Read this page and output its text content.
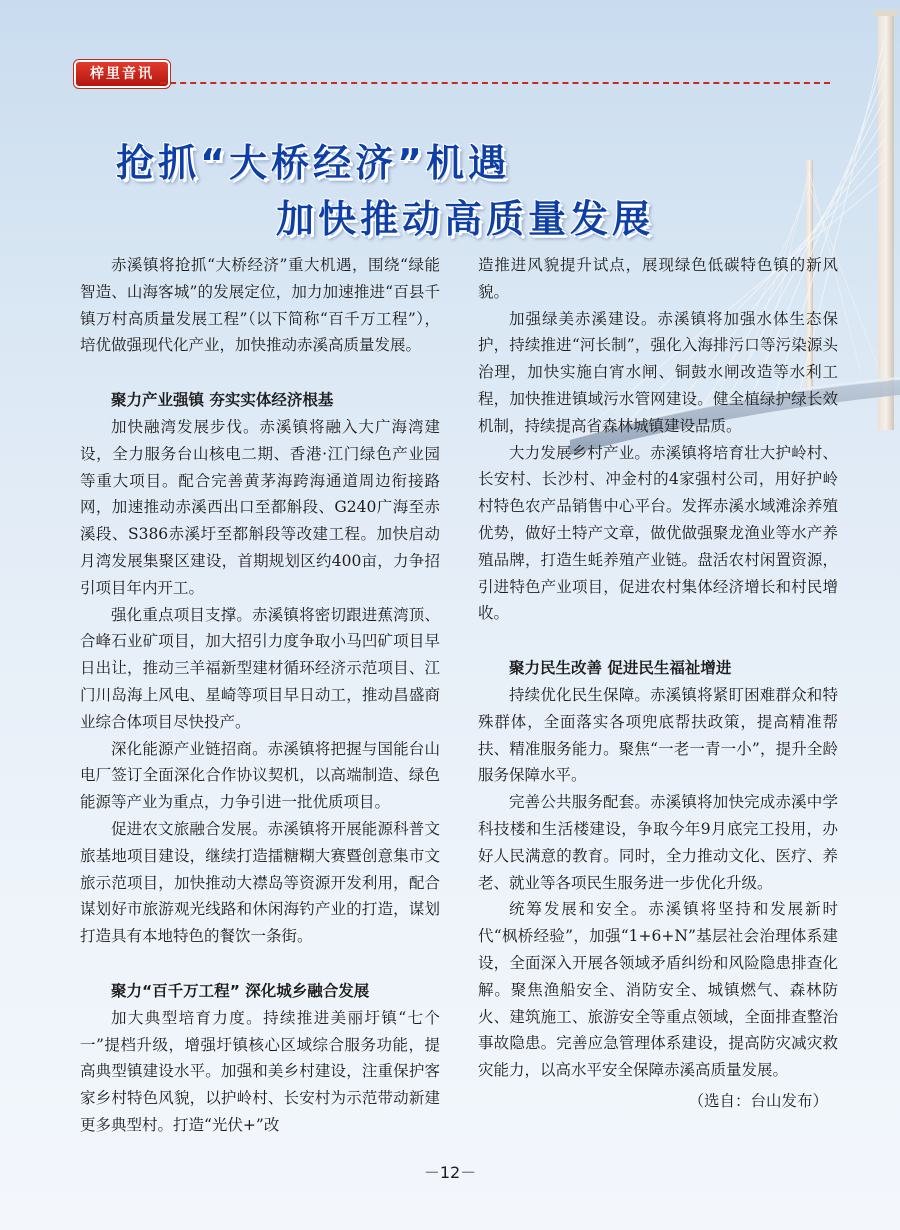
梓里音讯
抢抓“大桥经济”机遇
加快推动高质量发展

赤溪镇将抢抓“大桥经济”重大机遇，围绕“绿能智造、山海客城”的发展定位，加力加速推进“百县千镇万村高质量发展工程”（以下简称“百千万工程”），培优做强现代化产业，加快推动赤溪高质量发展。

聚力产业强镇 夯实实体经济根基

加快融湾发展步伐。赤溪镇将融入大广海湾建设，全力服务台山核电二期、香港·江门绿色产业园等重大项目。配合完善黄茅海跨海通道周边衔接路网，加速推动赤溪西出口至都斛段、G240广海至赤溪段、S386赤溪圩至都斛段等改建工程。加快启动月湾发展集聚区建设，首期规划区约400亩，力争招引项目年内开工。

强化重点项目支撑。赤溪镇将密切跟进蕉湾顶、合峰石业矿项目，加大招引力度争取小马凹矿项目早日出让，推动三羊福新型建材循环经济示范项目、江门川岛海上风电、星崎等项目早日动工，推动昌盛商业综合体项目尽快投产。

深化能源产业链招商。赤溪镇将把握与国能台山电厂签订全面深化合作协议契机，以高端制造、绿色能源等产业为重点，力争引进一批优质项目。

促进农文旅融合发展。赤溪镇将开展能源科普文旅基地项目建设，继续打造擂糖糊大赛暨创意集市文旅示范项目，加快推动大襟岛等资源开发利用，配合谋划好市旅游观光线路和休闲海钓产业的打造，谋划打造具有本地特色的餐饮一条街。

聚力“百千万工程” 深化城乡融合发展

加大典型培育力度。持续推进美丽圩镇“七个一”提档升级，增强圩镇核心区域综合服务功能，提高典型镇建设水平。加强和美乡村建设，注重保护客家乡村特色风貌，以护岭村、长安村为示范带动新建更多典型村。打造“光伏+”改

造推进风貌提升试点，展现绿色低碳特色镇的新风貌。

加强绿美赤溪建设。赤溪镇将加强水体生态保护，持续推进“河长制”，强化入海排污口等污染源头治理，加快实施白宵水闸、铜鼓水闸改造等水利工程，加快推进镇域污水管网建设。健全植绿护绿长效机制，持续提高省森林城镇建设品质。

大力发展乡村产业。赤溪镇将培育壮大护岭村、长安村、长沙村、冲金村的4家强村公司，用好护岭村特色农产品销售中心平台。发挥赤溪水域滩涂养殖优势，做好土特产文章，做优做强聚龙渔业等水产养殖品牌，打造生蚝养殖产业链。盘活农村闲置资源，引进特色产业项目，促进农村集体经济增长和村民增收。

聚力民生改善 促进民生福祉增进

持续优化民生保障。赤溪镇将紧盯困难群众和特殊群体，全面落实各项兜底帮扶政策，提高精准帮扶、精准服务能力。聚焦“一老一青一小”，提升全龄服务保障水平。

完善公共服务配套。赤溪镇将加快完成赤溪中学科技楼和生活楼建设，争取今年9月底完工投用，办好人民满意的教育。同时，全力推动文化、医疗、养老、就业等各项民生服务进一步优化升级。

统筹发展和安全。赤溪镇将坚持和发展新时代“枫桥经验”，加强“1+6+N”基层社会治理体系建设，全面深入开展各领域矛盾纠纷和风险隐患排查化解。聚焦渔船安全、消防安全、城镇燃气、森林防火、建筑施工、旅游安全等重点领域，全面排查整治事故隐患。完善应急管理体系建设，提高防灾减灾救灾能力，以高水平安全保障赤溪高质量发展。

（选自：台山发布）

－12－
